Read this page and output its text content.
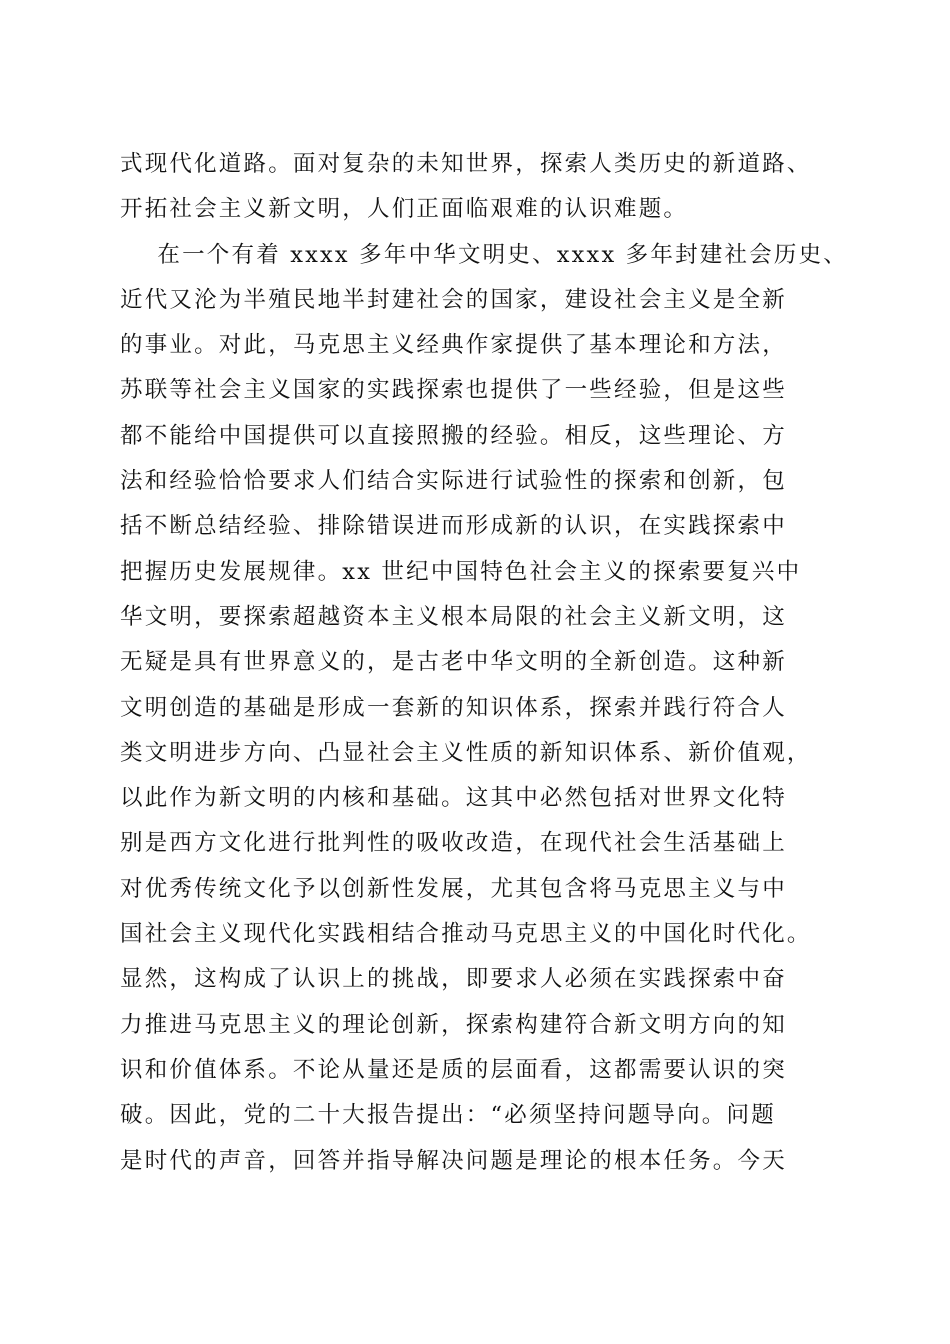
式现代化道路。面对复杂的未知世界，探索人类历史的新道路、
开拓社会主义新文明，人们正面临艰难的认识难题。
在一个有着 xxxx 多年中华文明史、xxxx 多年封建社会历史、
近代又沦为半殖民地半封建社会的国家，建设社会主义是全新
的事业。对此，马克思主义经典作家提供了基本理论和方法，
苏联等社会主义国家的实践探索也提供了一些经验，但是这些
都不能给中国提供可以直接照搬的经验。相反，这些理论、方
法和经验恰恰要求人们结合实际进行试验性的探索和创新，包
括不断总结经验、排除错误进而形成新的认识，在实践探索中
把握历史发展规律。xx 世纪中国特色社会主义的探索要复兴中
华文明，要探索超越资本主义根本局限的社会主义新文明，这
无疑是具有世界意义的，是古老中华文明的全新创造。这种新
文明创造的基础是形成一套新的知识体系，探索并践行符合人
类文明进步方向、凸显社会主义性质的新知识体系、新价值观，
以此作为新文明的内核和基础。这其中必然包括对世界文化特
别是西方文化进行批判性的吸收改造，在现代社会生活基础上
对优秀传统文化予以创新性发展，尤其包含将马克思主义与中
国社会主义现代化实践相结合推动马克思主义的中国化时代化。
显然，这构成了认识上的挑战，即要求人必须在实践探索中奋
力推进马克思主义的理论创新，探索构建符合新文明方向的知
识和价值体系。不论从量还是质的层面看，这都需要认识的突
破。因此，党的二十大报告提出：“必须坚持问题导向。问题
是时代的声音，回答并指导解决问题是理论的根本任务。今天
